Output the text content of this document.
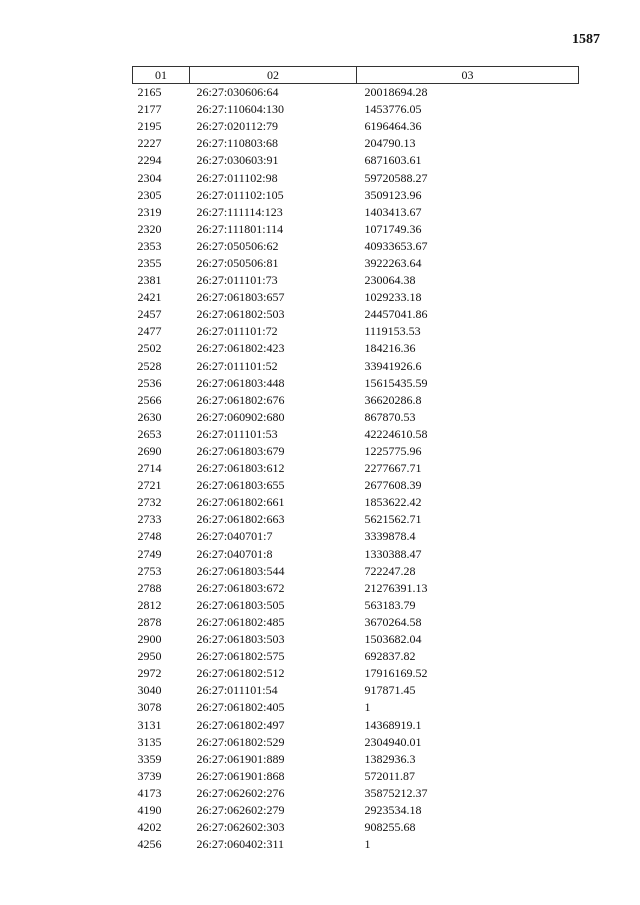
1587
01	02	03
2165	26:27:030606:64	20018694.28
2177	26:27:110604:130	1453776.05
2195	26:27:020112:79	6196464.36
2227	26:27:110803:68	204790.13
2294	26:27:030603:91	6871603.61
2304	26:27:011102:98	59720588.27
2305	26:27:011102:105	3509123.96
2319	26:27:111114:123	1403413.67
2320	26:27:111801:114	1071749.36
2353	26:27:050506:62	40933653.67
2355	26:27:050506:81	3922263.64
2381	26:27:011101:73	230064.38
2421	26:27:061803:657	1029233.18
2457	26:27:061802:503	24457041.86
2477	26:27:011101:72	1119153.53
2502	26:27:061802:423	184216.36
2528	26:27:011101:52	33941926.6
2536	26:27:061803:448	15615435.59
2566	26:27:061802:676	36620286.8
2630	26:27:060902:680	867870.53
2653	26:27:011101:53	42224610.58
2690	26:27:061803:679	1225775.96
2714	26:27:061803:612	2277667.71
2721	26:27:061803:655	2677608.39
2732	26:27:061802:661	1853622.42
2733	26:27:061802:663	5621562.71
2748	26:27:040701:7	3339878.4
2749	26:27:040701:8	1330388.47
2753	26:27:061803:544	722247.28
2788	26:27:061803:672	21276391.13
2812	26:27:061803:505	563183.79
2878	26:27:061802:485	3670264.58
2900	26:27:061803:503	1503682.04
2950	26:27:061802:575	692837.82
2972	26:27:061802:512	17916169.52
3040	26:27:011101:54	917871.45
3078	26:27:061802:405	1
3131	26:27:061802:497	14368919.1
3135	26:27:061802:529	2304940.01
3359	26:27:061901:889	1382936.3
3739	26:27:061901:868	572011.87
4173	26:27:062602:276	35875212.37
4190	26:27:062602:279	2923534.18
4202	26:27:062602:303	908255.68
4256	26:27:060402:311	1
